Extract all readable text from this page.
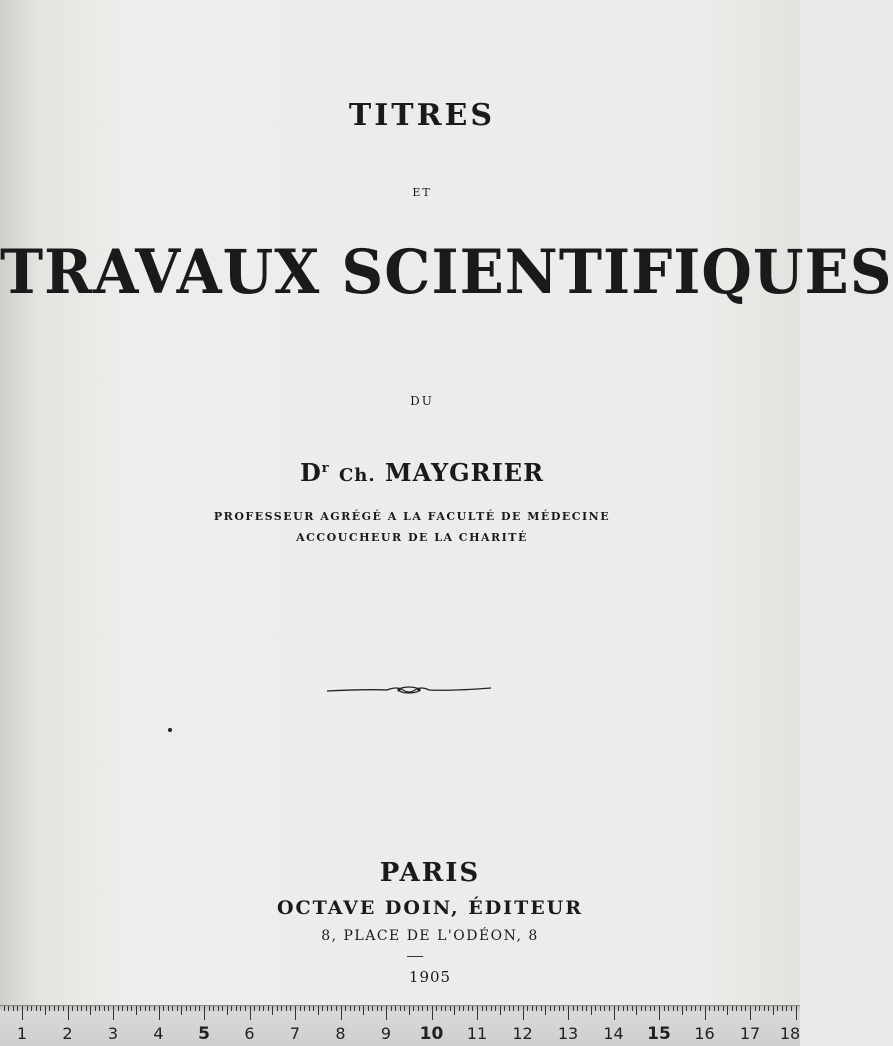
TITRES
ET
TRAVAUX SCIENTIFIQUES
DU
$D^r$ Ch. MAYGRIER
PROFESSEUR AGRÉGÉ A LA FACULTÉ DE MÉDECINE
ACCOUCHEUR DE LA CHARITÉ
PARIS
OCTAVE DOIN, ÉDITEUR
8, PLACE DE L'ODÉON, 8
1905
1 2 3 4 5 6 7 8 9 10 11 12 13 14 15 16 17 18
